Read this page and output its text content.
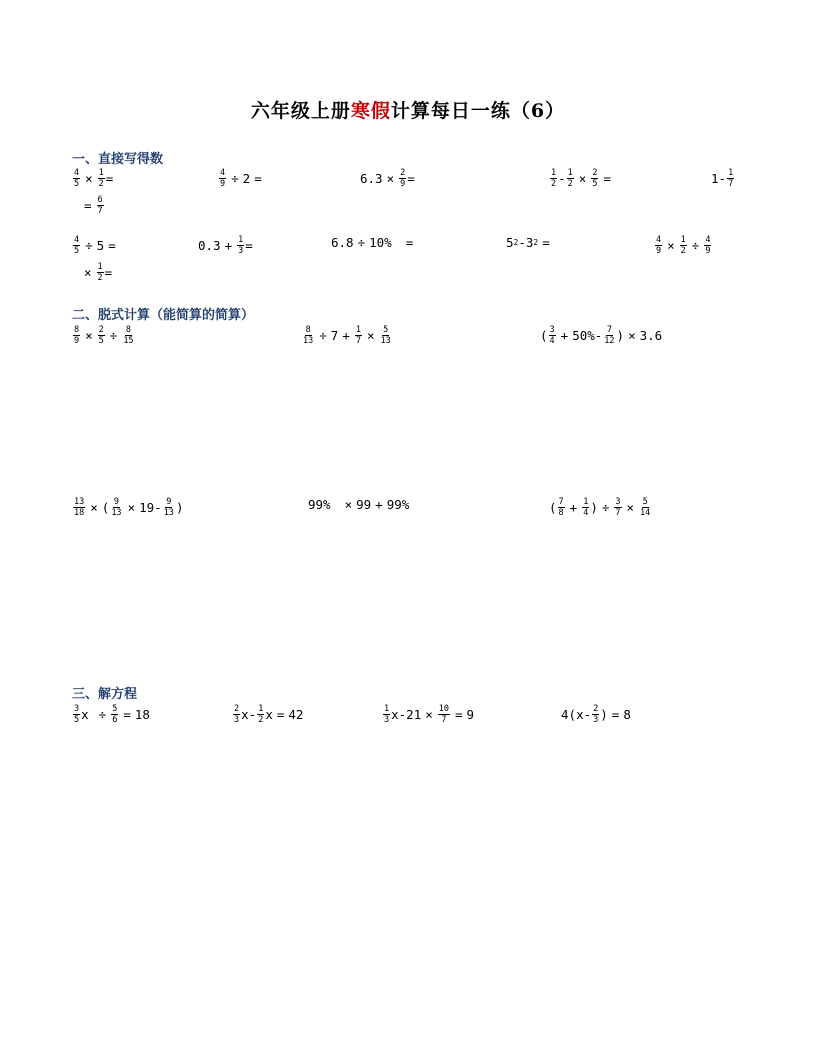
六年级上册寒假计算每日一练（6）
一、直接写得数
$\frac{4}{5} \times \frac{1}{2}$ =	$\frac{4}{9} \div 2$ =	$6.3 \times \frac{2}{9}$ =	$\frac{1}{2} - \frac{1}{2} \times \frac{2}{5}$ =	$1 - \frac{1}{7}$
= $\frac{6}{7}$
$\frac{4}{5} \div 5$ =	$0.3 + \frac{1}{3}$ =	6.8 ÷ 10% =	5 2 - 3 2 =	$\frac{4}{9} \times \frac{1}{2} \div \frac{4}{9}$
× $\frac{1}{2}$ =
二、脱式计算（能简算的简算）
$\frac{8}{9} \times \frac{2}{5} \div \frac{8}{15}$	$\frac{8}{13} \div 7 + \frac{1}{7} \times \frac{5}{13}$	( $\frac{3}{4} + 50\% - \frac{7}{12}$ ) × 3.6
$\frac{13}{18}$ × ( $\frac{9}{13} \times 19 - \frac{9}{13}$ )	99% × 99 + 99%	( $\frac{7}{8} + \frac{1}{4}$ ) ÷ $\frac{3}{7} \times \frac{5}{14}$
三、解方程
$\frac{3}{5}$ $x \div \frac{5}{6} = 18$	$\frac{2}{3}$ x - $\frac{1}{2}$ x = 42	$\frac{1}{3}$ x $-21 \times \frac{10}{7} = 9$	4 ( x - $\frac{2}{3}$ ) = 8
